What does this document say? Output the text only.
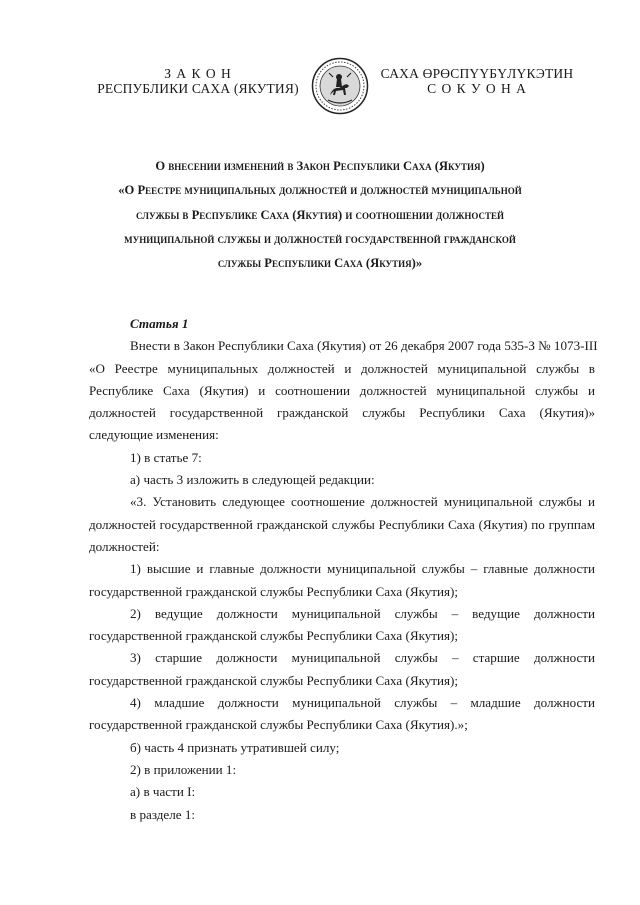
З А К О Н
РЕСПУБЛИКИ САХА (ЯКУТИЯ)
САХА ӨРӨСПҮҮБҮЛҮКЭТИН
С О К У О Н А
О внесении изменений в Закон Республики Саха (Якутия)
«О Реестре муниципальных должностей и должностей муниципальной
службы в Республике Саха (Якутия) и соотношении должностей
муниципальной службы и должностей государственной гражданской
службы Республики Саха (Якутия)»
Статья 1
Внести в Закон Республики Саха (Якутия) от 26 декабря 2007 года 535-З № 1073-III
«О Реестре муниципальных должностей и должностей муниципальной службы в
Республике Саха (Якутия) и соотношении должностей муниципальной службы и
должностей государственной гражданской службы Республики Саха (Якутия)»
следующие изменения:
1) в статье 7:
а) часть 3 изложить в следующей редакции:
«3. Установить следующее соотношение должностей муниципальной службы и
должностей государственной гражданской службы Республики Саха (Якутия) по группам
должностей:
1) высшие и главные должности муниципальной службы – главные должности
государственной гражданской службы Республики Саха (Якутия);
2) ведущие должности муниципальной службы – ведущие должности
государственной гражданской службы Республики Саха (Якутия);
3) старшие должности муниципальной службы – старшие должности
государственной гражданской службы Республики Саха (Якутия);
4) младшие должности муниципальной службы – младшие должности
государственной гражданской службы Республики Саха (Якутия).»;
б) часть 4 признать утратившей силу;
2) в приложении 1:
а) в части I:
в разделе 1:
